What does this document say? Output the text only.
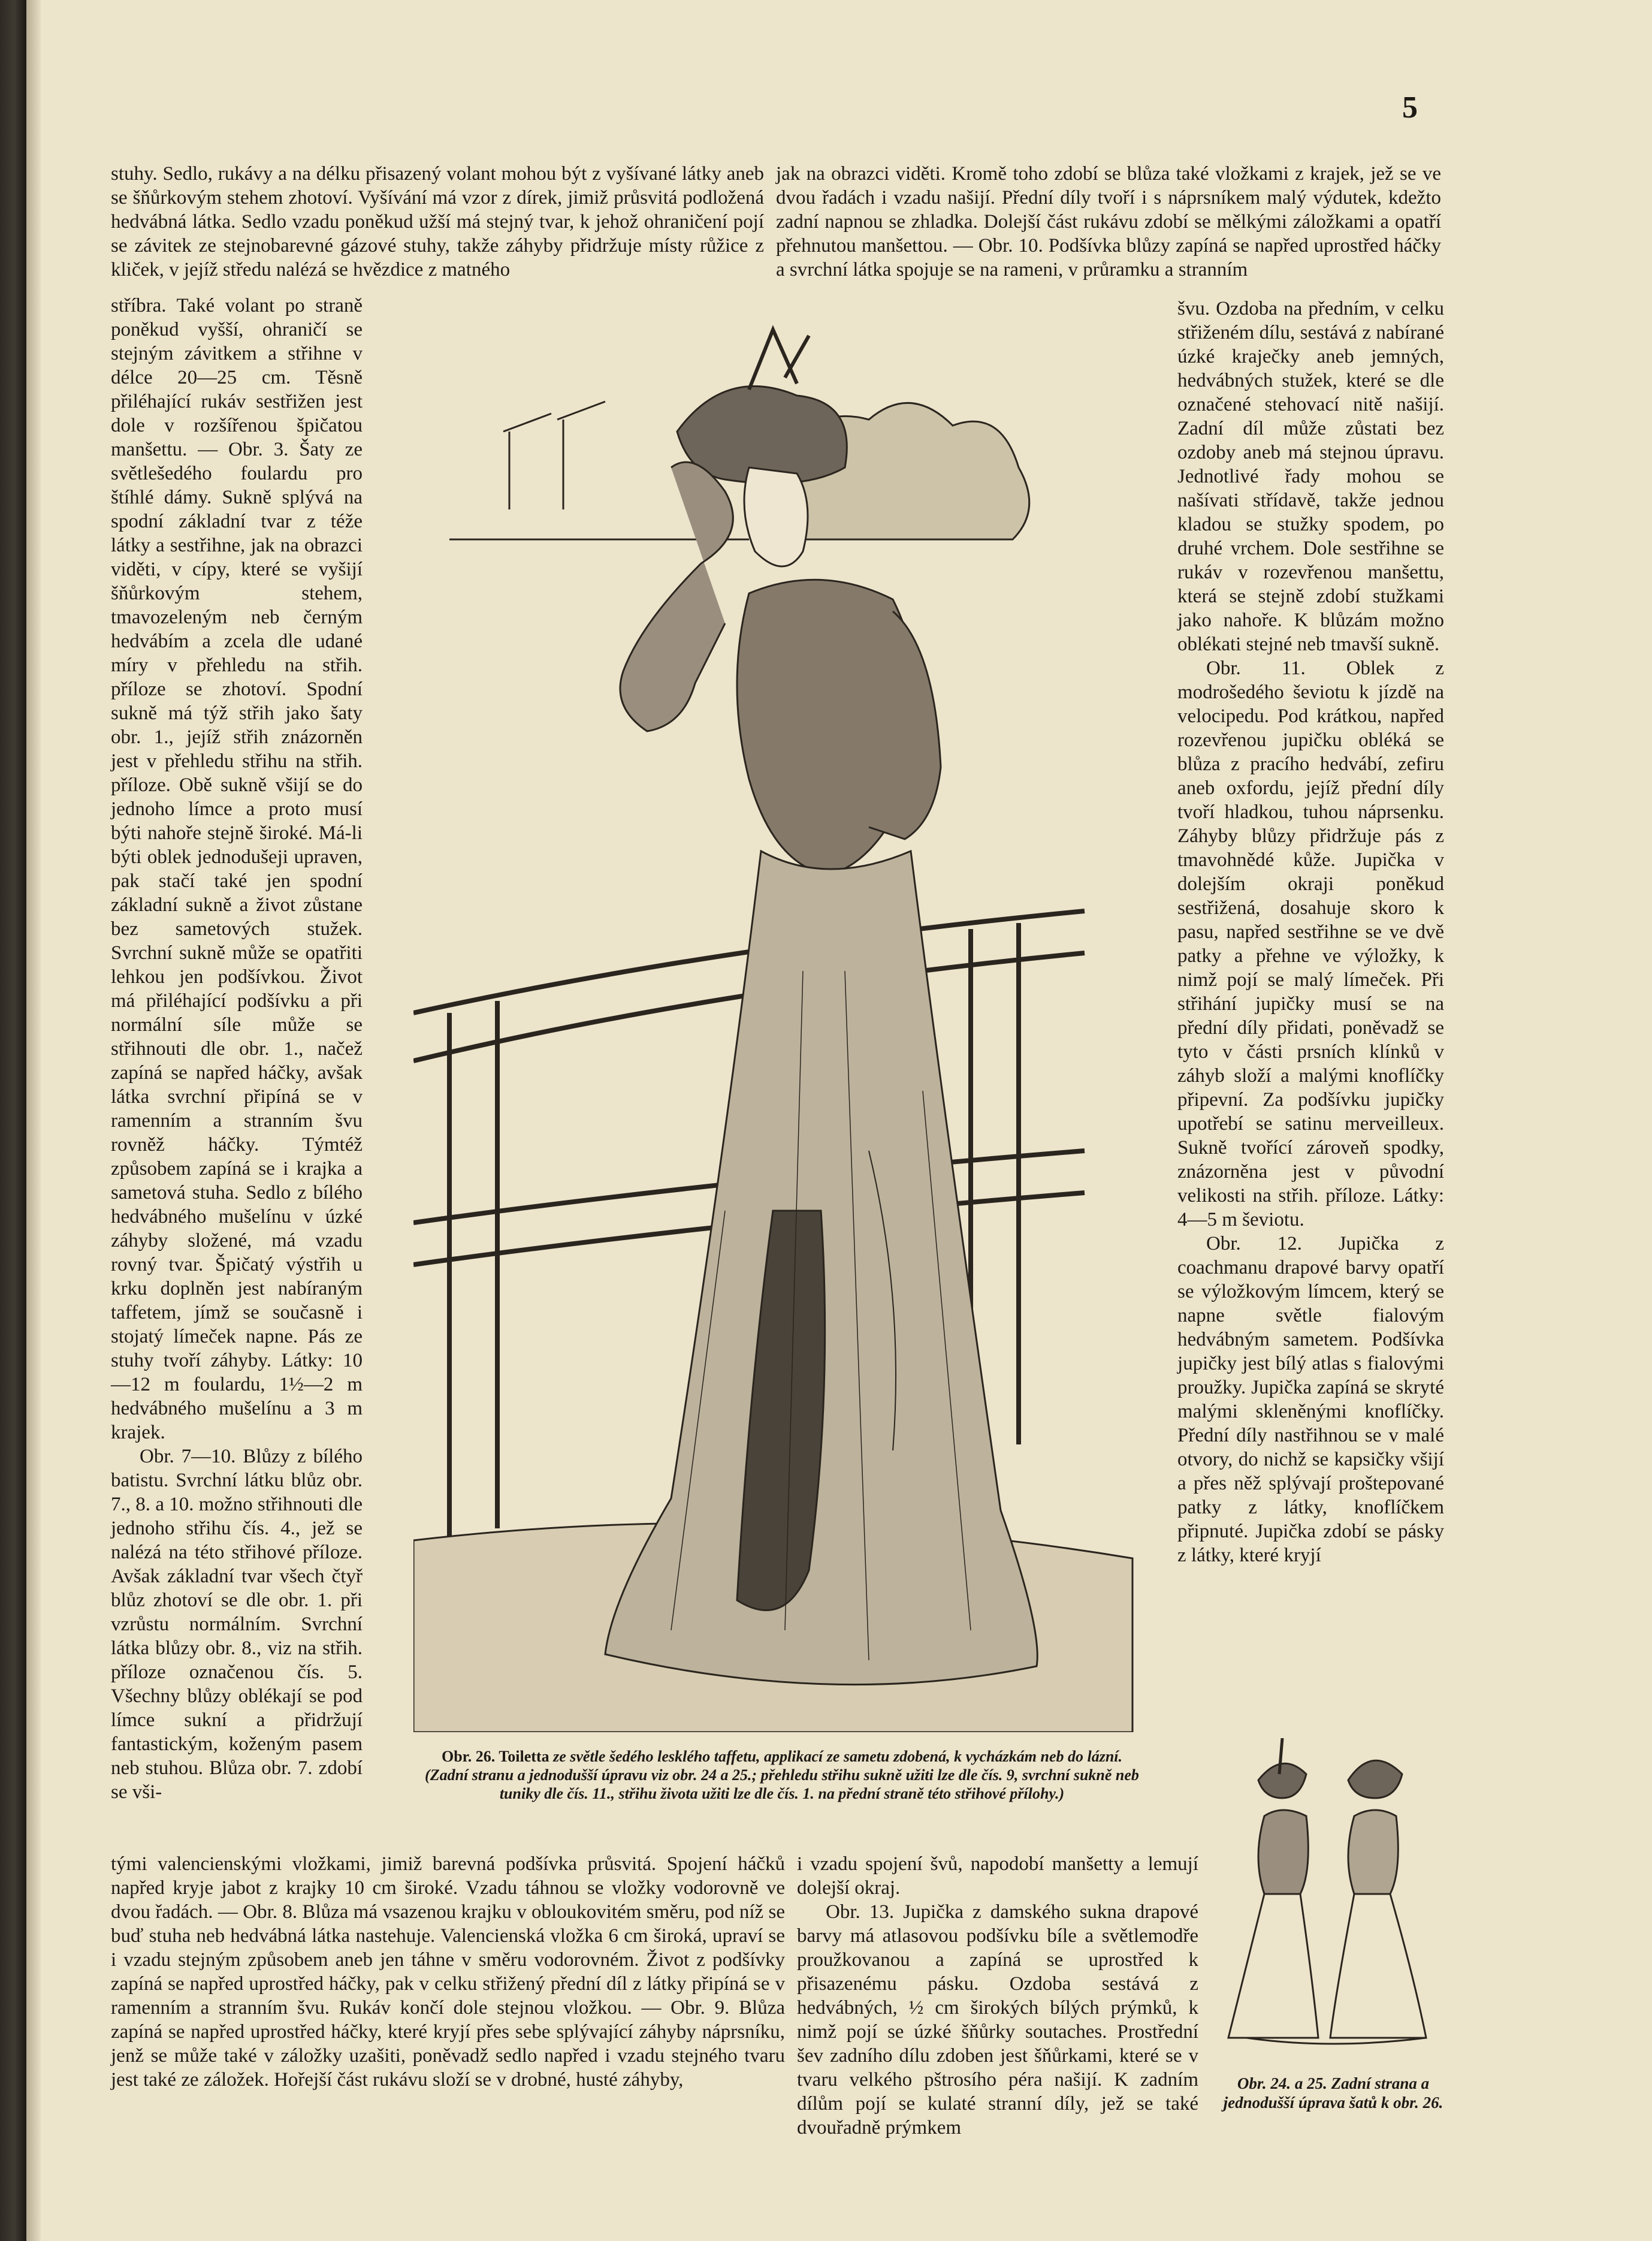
5

stuhy. Sedlo, rukávy a na délku přisazený volant mohou být z vyšívané látky aneb se šňůrkovým stehem zhotoví. Vyšívání má vzor z dírek, jimiž průsvitá podložená hedvábná látka. Sedlo vzadu poněkud užší má stejný tvar, k jehož ohraničení pojí se závitek ze stejnobarevné gázové stuhy, takže záhyby přidržuje místy růžice z kliček, v jejíž středu nalézá se hvězdice z matného

stříbra. Také volant po straně poněkud vyšší, ohraničí se stejným závitkem a střihne v délce 20—25 cm. Těsně přiléhající rukáv sestřižen jest dole v rozšířenou špičatou manšettu. — Obr. 3. Šaty ze světlešedého foulardu pro štíhlé dámy. Sukně splývá na spodní základní tvar z téže látky a sestřihne, jak na obrazci viděti, v cípy, které se vyšijí šňůrkovým stehem, tmavozeleným neb černým hedvábím a zcela dle udané míry v přehledu na střih. příloze se zhotoví. Spodní sukně má týž střih jako šaty obr. 1., jejíž střih znázorněn jest v přehledu střihu na střih. příloze. Obě sukně všijí se do jednoho límce a proto musí býti nahoře stejně široké. Má-li býti oblek jednodušeji upraven, pak stačí také jen spodní základní sukně a život zůstane bez sametových stužek. Svrchní sukně může se opatřiti lehkou jen podšívkou. Život má přiléhající podšívku a při normální síle může se střihnouti dle obr. 1., načež zapíná se napřed háčky, avšak látka svrchní připíná se v ramenním a stranním švu rovněž háčky. Týmtéž způsobem zapíná se i krajka a sametová stuha. Sedlo z bílého hedvábného mušelínu v úzké záhyby složené, má vzadu rovný tvar. Špičatý výstřih u krku doplněn jest nabíraným taffetem, jímž se současně i stojatý límeček napne. Pás ze stuhy tvoří záhyby. Látky: 10—12 m foulardu, 1½—2 m hedvábného mušelínu a 3 m krajek.

Obr. 7—10. Blůzy z bílého batistu. Svrchní látku blůz obr. 7., 8. a 10. možno střihnouti dle jednoho střihu čís. 4., jež se nalézá na této střihové příloze. Avšak základní tvar všech čtyř blůz zhotoví se dle obr. 1. při vzrůstu normálním. Svrchní látka blůzy obr. 8., viz na střih. příloze označenou čís. 5. Všechny blůzy oblékají se pod límce sukní a přidržují fantastickým, koženým pasem neb stuhou. Blůza obr. 7. zdobí se vši-

jak na obrazci viděti. Kromě toho zdobí se blůza také vložkami z krajek, jež se ve dvou řadách i vzadu našijí. Přední díly tvoří i s náprsníkem malý výdutek, kdežto zadní napnou se zhladka. Dolejší část rukávu zdobí se mělkými záložkami a opatří přehnutou manšettou. — Obr. 10. Podšívka blůzy zapíná se napřed uprostřed háčky a svrchní látka spojuje se na rameni, v průramku a stranním

švu. Ozdoba na předním, v celku střiženém dílu, sestává z nabírané úzké kraječky aneb jemných, hedvábných stužek, které se dle označené stehovací nitě našijí. Zadní díl může zůstati bez ozdoby aneb má stejnou úpravu. Jednotlivé řady mohou se našívati střídavě, takže jednou kladou se stužky spodem, po druhé vrchem. Dole sestřihne se rukáv v rozevřenou manšettu, která se stejně zdobí stužkami jako nahoře. K blůzám možno oblékati stejné neb tmavší sukně.

Obr. 11. Oblek z modrošedého ševiotu k jízdě na velocipedu. Pod krátkou, napřed rozevřenou jupičku obléká se blůza z pracího hedvábí, zefiru aneb oxfordu, jejíž přední díly tvoří hladkou, tuhou náprsenku. Záhyby blůzy přidržuje pás z tmavohnědé kůže. Jupička v dolejším okraji poněkud sestřižená, dosahuje skoro k pasu, napřed sestřihne se ve dvě patky a přehne ve výložky, k nimž pojí se malý límeček. Při střihání jupičky musí se na přední díly přidati, poněvadž se tyto v části prsních klínků v záhyb složí a malými knoflíčky připevní. Za podšívku jupičky upotřebí se satinu merveilleux. Sukně tvořící zároveň spodky, znázorněna jest v původní velikosti na střih. příloze. Látky: 4—5 m ševiotu.

Obr. 12. Jupička z coachmanu drapové barvy opatří se výložkovým límcem, který se napne světle fialovým hedvábným sametem. Podšívka jupičky jest bílý atlas s fialovými proužky. Jupička zapíná se skryté malými skleněnými knoflíčky. Přední díly nastřihnou se v malé otvory, do nichž se kapsičky všijí a přes něž splývají proštepované patky z látky, knoflíčkem připnuté. Jupička zdobí se pásky z látky, které kryjí

Obr. 26. Toiletta ze světle šedého lesklého taffetu, applikací ze sametu zdobená, k vycházkám neb do lázní. (Zadní stranu a jednodušší úpravu viz obr. 24 a 25.; přehledu střihu sukně užiti lze dle čís. 9, svrchní sukně neb tuniky dle čís. 11., střihu života užiti lze dle čís. 1. na přední straně této střihové přílohy.)

tými valencienskými vložkami, jimiž barevná podšívka průsvitá. Spojení háčků napřed kryje jabot z krajky 10 cm široké. Vzadu táhnou se vložky vodorovně ve dvou řadách. — Obr. 8. Blůza má vsazenou krajku v obloukovitém směru, pod níž se buď stuha neb hedvábná látka nastehuje. Valencienská vložka 6 cm široká, upraví se i vzadu stejným způsobem aneb jen táhne v směru vodorovném. Život z podšívky zapíná se napřed uprostřed háčky, pak v celku střižený přední díl z látky připíná se v ramenním a stranním švu. Rukáv končí dole stejnou vložkou. — Obr. 9. Blůza zapíná se napřed uprostřed háčky, které kryjí přes sebe splývající záhyby náprsníku, jenž se může také v záložky uzašiti, poněvadž sedlo napřed i vzadu stejného tvaru jest také ze záložek. Hořejší část rukávu složí se v drobné, husté záhyby,

i vzadu spojení švů, napodobí manšetty a lemují dolejší okraj.

Obr. 13. Jupička z damského sukna drapové barvy má atlasovou podšívku bíle a světlemodře proužkovanou a zapíná se uprostřed k přisazenému pásku. Ozdoba sestává z hedvábných, ½ cm širokých bílých prýmků, k nimž pojí se úzké šňůrky soutaches. Prostřední šev zadního dílu zdoben jest šňůrkami, které se v tvaru velkého pštrosího péra našijí. K zadním dílům pojí se kulaté stranní díly, jež se také dvouřadně prýmkem

Obr. 24. a 25. Zadní strana a jednodušší úprava šatů k obr. 26.
